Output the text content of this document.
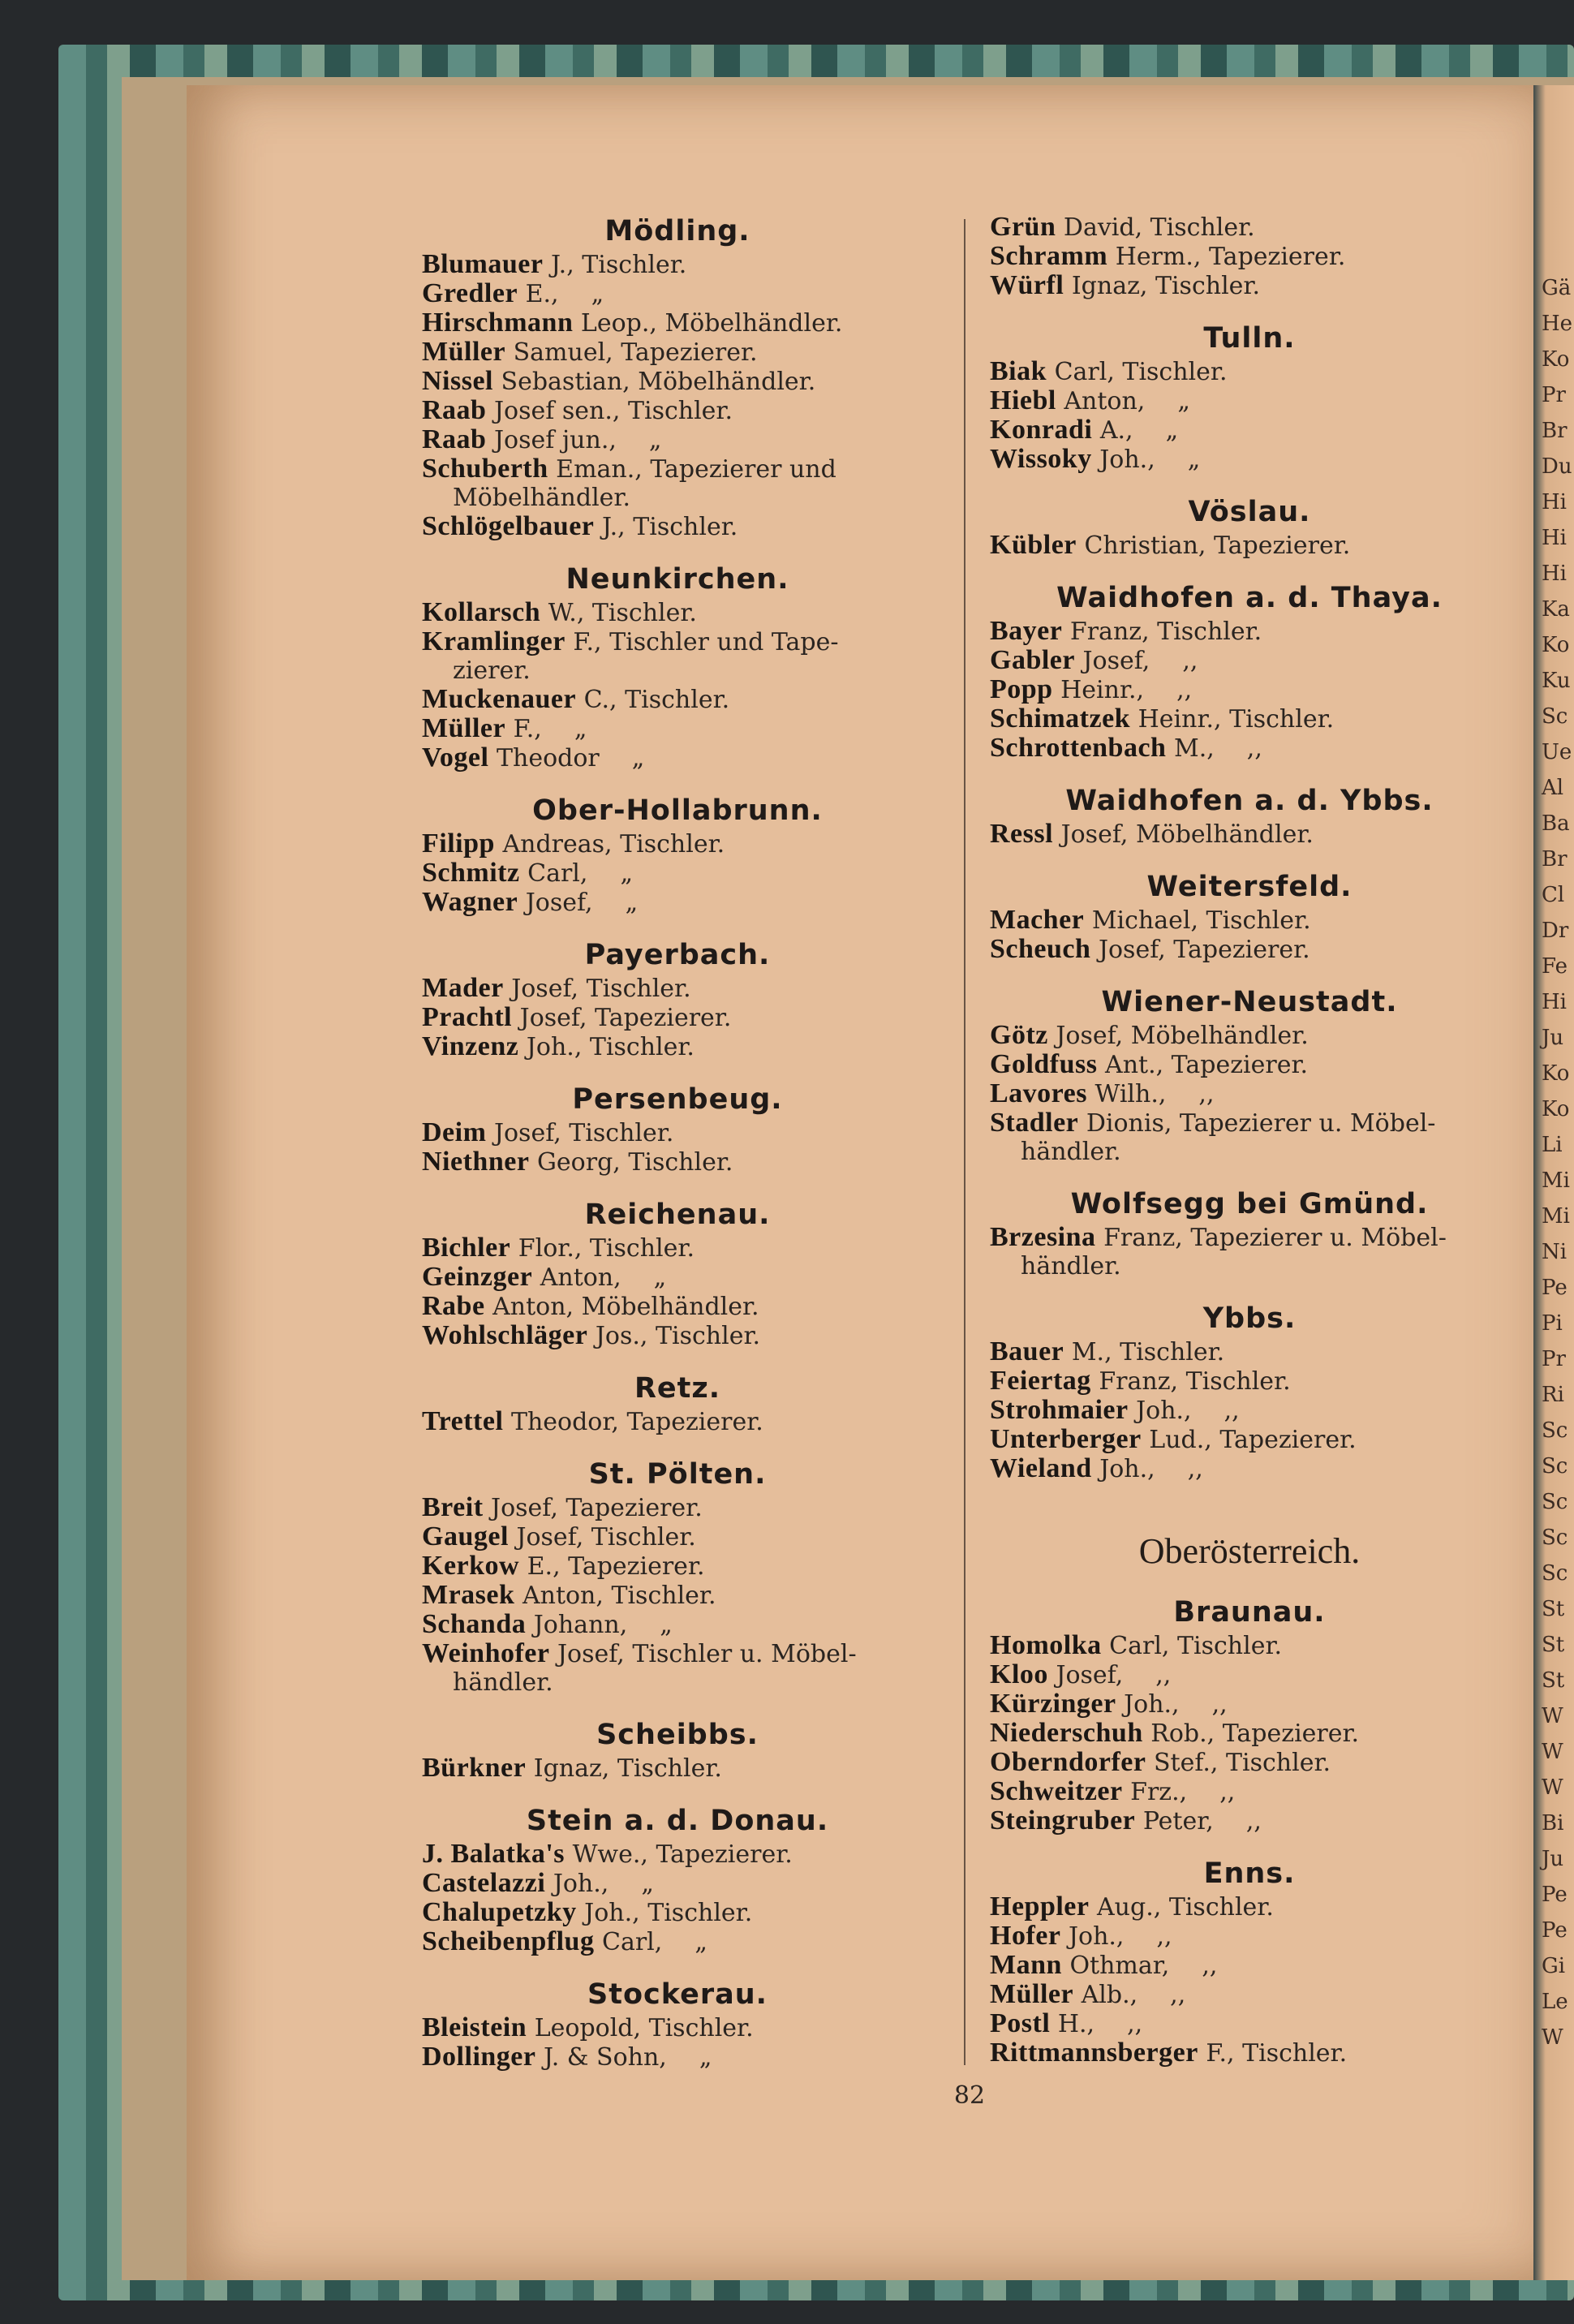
Gä
He
Ko
Pr
Br
Du
Hi
Hi
Hi
Ka
Ko
Ku
Sc
Ue
Al
Ba
Br
Cl
Dr
Fe
Hi
Ju
Ko
Ko
Li
Mi
Mi
Ni
Pe
Pi
Pr
Ri
Sc
Sc
Sc
Sc
Sc
St
St
St
W
W
W
Bi
Ju
Pe
Pe
Gi
Le
W
Mödling.
Blumauer J., Tischler.
Gredler E., „
Hirschmann Leop., Möbelhändler.
Müller Samuel, Tapezierer.
Nissel Sebastian, Möbelhändler.
Raab Josef sen., Tischler.
Raab Josef jun., „
Schuberth Eman., Tapezierer und
Möbelhändler.
Schlögelbauer J., Tischler.
Neunkirchen.
Kollarsch W., Tischler.
Kramlinger F., Tischler und Tape-
zierer.
Muckenauer C., Tischler.
Müller F., „
Vogel Theodor „
Ober-Hollabrunn.
Filipp Andreas, Tischler.
Schmitz Carl, „
Wagner Josef, „
Payerbach.
Mader Josef, Tischler.
Prachtl Josef, Tapezierer.
Vinzenz Joh., Tischler.
Persenbeug.
Deim Josef, Tischler.
Niethner Georg, Tischler.
Reichenau.
Bichler Flor., Tischler.
Geinzger Anton, „
Rabe Anton, Möbelhändler.
Wohlschläger Jos., Tischler.
Retz.
Trettel Theodor, Tapezierer.
St. Pölten.
Breit Josef, Tapezierer.
Gaugel Josef, Tischler.
Kerkow E., Tapezierer.
Mrasek Anton, Tischler.
Schanda Johann, „
Weinhofer Josef, Tischler u. Möbel-
händler.
Scheibbs.
Bürkner Ignaz, Tischler.
Stein a. d. Donau.
J. Balatka's Wwe., Tapezierer.
Castelazzi Joh., „
Chalupetzky Joh., Tischler.
Scheibenpflug Carl, „
Stockerau.
Bleistein Leopold, Tischler.
Dollinger J. & Sohn, „
Grün David, Tischler.
Schramm Herm., Tapezierer.
Würfl Ignaz, Tischler.
Tulln.
Biak Carl, Tischler.
Hiebl Anton, „
Konradi A., „
Wissoky Joh., „
Vöslau.
Kübler Christian, Tapezierer.
Waidhofen a. d. Thaya.
Bayer Franz, Tischler.
Gabler Josef, ,,
Popp Heinr., ,,
Schimatzek Heinr., Tischler.
Schrottenbach M., ,,
Waidhofen a. d. Ybbs.
Ressl Josef, Möbelhändler.
Weitersfeld.
Macher Michael, Tischler.
Scheuch Josef, Tapezierer.
Wiener-Neustadt.
Götz Josef, Möbelhändler.
Goldfuss Ant., Tapezierer.
Lavores Wilh., ,,
Stadler Dionis, Tapezierer u. Möbel-
händler.
Wolfsegg bei Gmünd.
Brzesina Franz, Tapezierer u. Möbel-
händler.
Ybbs.
Bauer M., Tischler.
Feiertag Franz, Tischler.
Strohmaier Joh., ,,
Unterberger Lud., Tapezierer.
Wieland Joh., ,,
Oberösterreich.
Braunau.
Homolka Carl, Tischler.
Kloo Josef, ,,
Kürzinger Joh., ,,
Niederschuh Rob., Tapezierer.
Oberndorfer Stef., Tischler.
Schweitzer Frz., ,,
Steingruber Peter, ,,
Enns.
Heppler Aug., Tischler.
Hofer Joh., ,,
Mann Othmar, ,,
Müller Alb., ,,
Postl H., ,,
Rittmannsberger F., Tischler.
82
